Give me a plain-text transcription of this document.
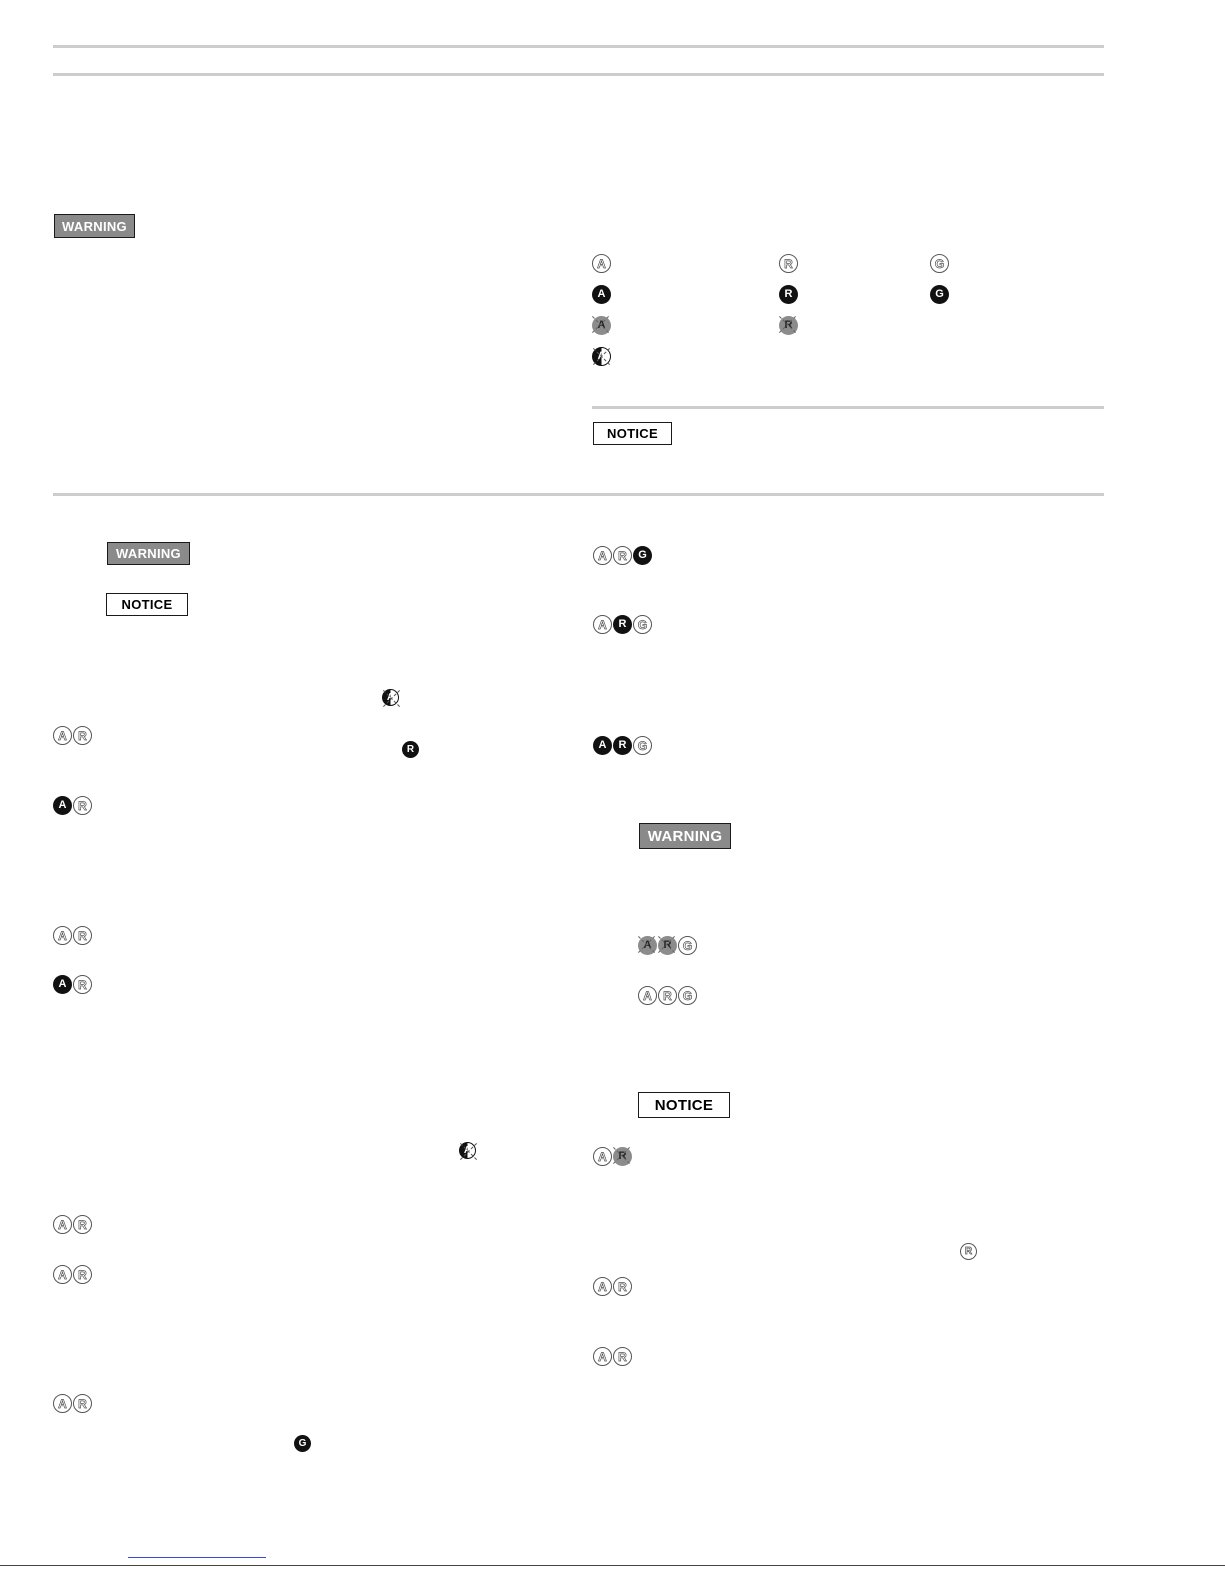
WARNING
A	R	G
A	R	G
A	R
A
NOTICE
WARNING
NOTICE
A
A R
R
A R
A R
A R
A
A R
A R
A R
G
A R	G
A	R G
A	R G
WARNING
A	R G
A R G
NOTICE
A	R
R
A R
A R
